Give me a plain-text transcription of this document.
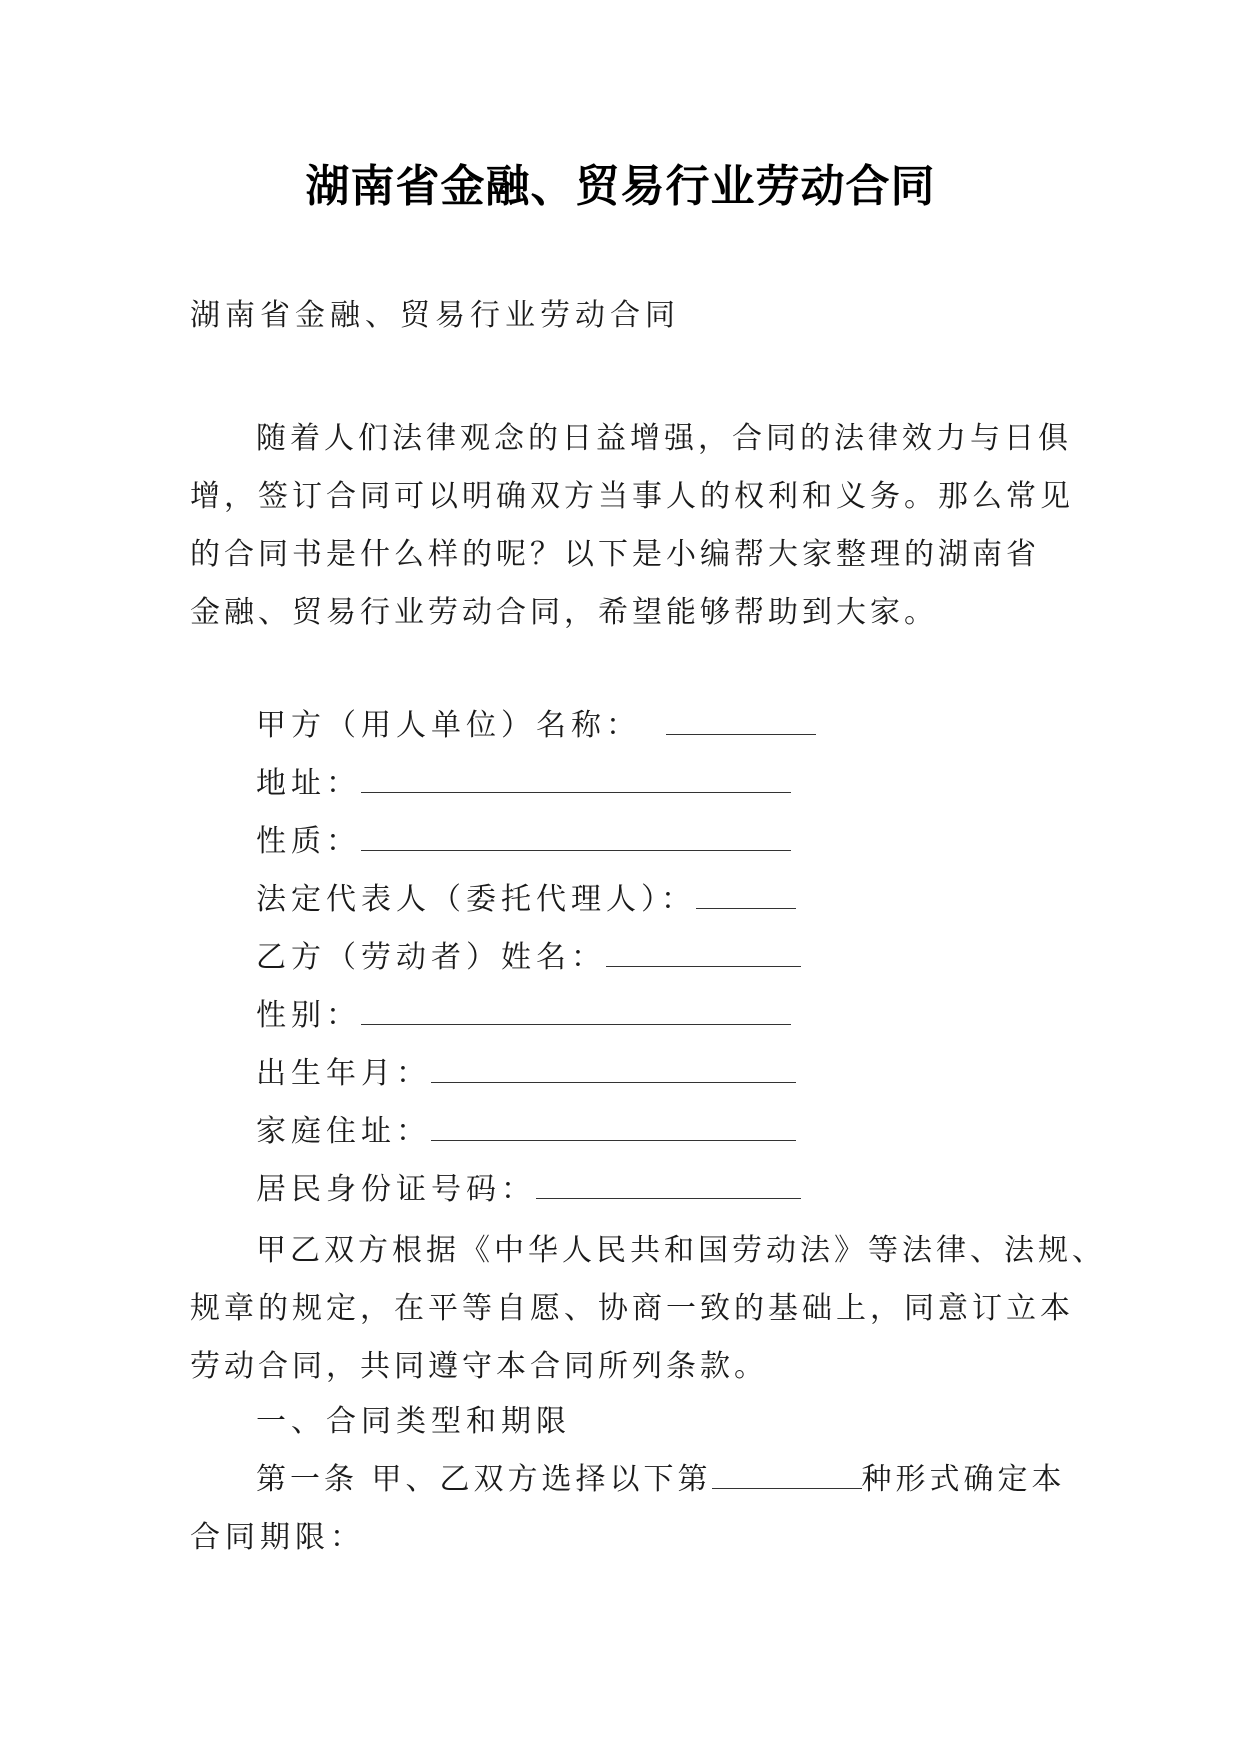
湖南省金融、贸易行业劳动合同
湖南省金融、贸易行业劳动合同
随着人们法律观念的日益增强，合同的法律效力与日俱
增，签订合同可以明确双方当事人的权利和义务。那么常见
的合同书是什么样的呢？以下是小编帮大家整理的湖南省
金融、贸易行业劳动合同，希望能够帮助到大家。
甲方（用人单位）名称：
地址：
性质：
法定代表人（委托代理人）：
乙方（劳动者）姓名：
性别：
出生年月：
家庭住址：
居民身份证号码：
甲乙双方根据《中华人民共和国劳动法》等法律、法规、
规章的规定，在平等自愿、协商一致的基础上，同意订立本
劳动合同，共同遵守本合同所列条款。
一、合同类型和期限
第一条 甲、乙双方选择以下第	种形式确定本
合同期限：
